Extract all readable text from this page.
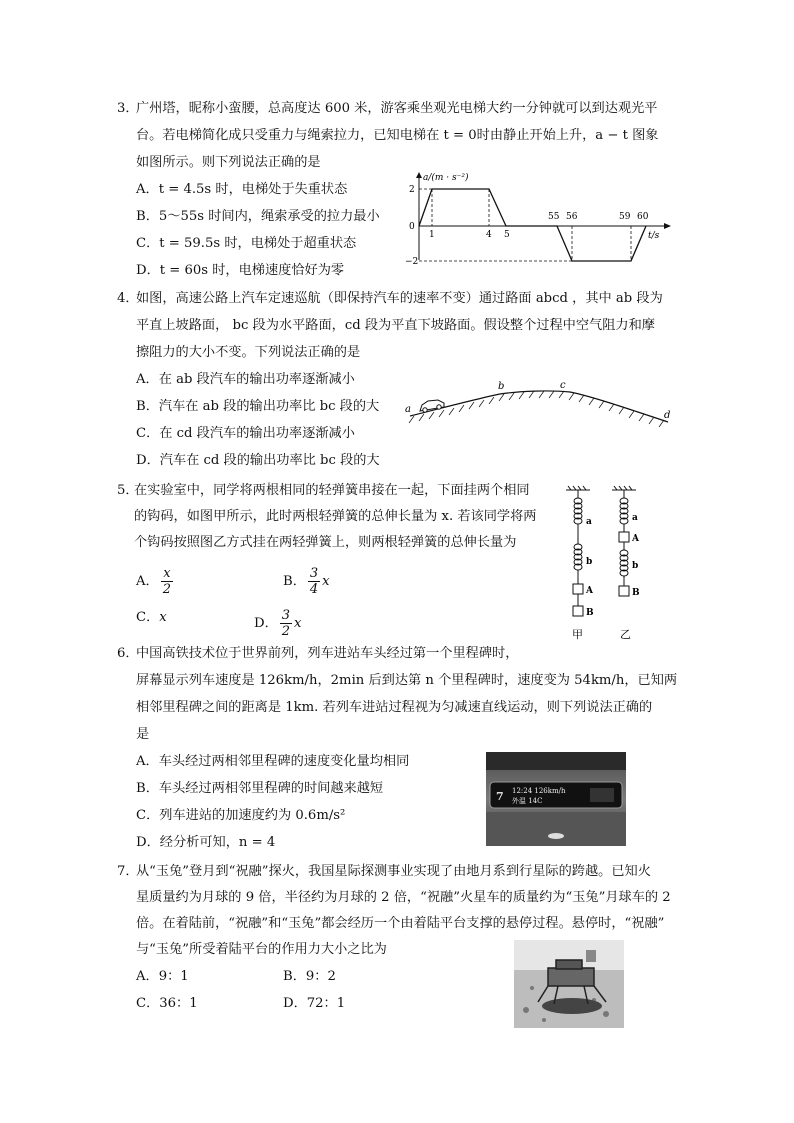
3．
广州塔，昵称小蛮腰，总高度达 600 米，游客乘坐观光电梯大约一分钟就可以到达观光平
台。若电梯简化成只受重力与绳索拉力，已知电梯在 t = 0时由静止开始上升，a − t 图象
如图所示。则下列说法正确的是
A．t = 4.5s 时，电梯处于失重状态
B．5～55s 时间内，绳索承受的拉力最小
C．t = 59.5s 时，电梯处于超重状态
D．t = 60s 时，电梯速度恰好为零
a/(m · s⁻²)
t/s
2
0
−2
1	4 5
55 56	59 60
4．
如图，高速公路上汽车定速巡航（即保持汽车的速率不变）通过路面 abcd ，其中 ab 段为
平直上坡路面， bc 段为水平路面，cd 段为平直下坡路面。假设整个过程中空气阻力和摩
擦阻力的大小不变。下列说法正确的是
A．在 ab 段汽车的输出功率逐渐减小
B．汽车在 ab 段的输出功率比 bc 段的大
C．在 cd 段汽车的输出功率逐渐减小
D．汽车在 cd 段的输出功率比 bc 段的大
a
b	c
d
5．
在实验室中，同学将两根相同的轻弹簧串接在一起，下面挂两个相同
的钩码，如图甲所示，此时两根轻弹簧的总伸长量为 x. 若该同学将两
个钩码按照图乙方式挂在两轻弹簧上，则两根轻弹簧的总伸长量为
A． $\frac{x}{2}$	B． $\frac{3}{4}$ x
C．x	D． $\frac{3}{2}$ x
a
b
A
B
a
A
b
B
甲	乙
6．
中国高铁技术位于世界前列，列车进站车头经过第一个里程碑时，
屏幕显示列车速度是 126km/h，2min 后到达第 n 个里程碑时，速度变为 54km/h，已知两
相邻里程碑之间的距离是 1km. 若列车进站过程视为匀减速直线运动，则下列说法正确的
是
A．车头经过两相邻里程碑的速度变化量均相同
B．车头经过两相邻里程碑的时间越来越短
C．列车进站的加速度约为 0.6m/s²
D．经分析可知，n = 4
7 12:24 126km/h
外温 14C
7．
从“玉兔”登月到“祝融”探火，我国星际探测事业实现了由地月系到行星际的跨越。已知火
星质量约为月球的 9 倍，半径约为月球的 2 倍，“祝融”火星车的质量约为“玉兔”月球车的 2
倍。在着陆前，“祝融”和“玉兔”都会经历一个由着陆平台支撑的悬停过程。悬停时，“祝融”
与“玉兔”所受着陆平台的作用力大小之比为
A．9：1	B．9：2
C．36：1	D．72：1
